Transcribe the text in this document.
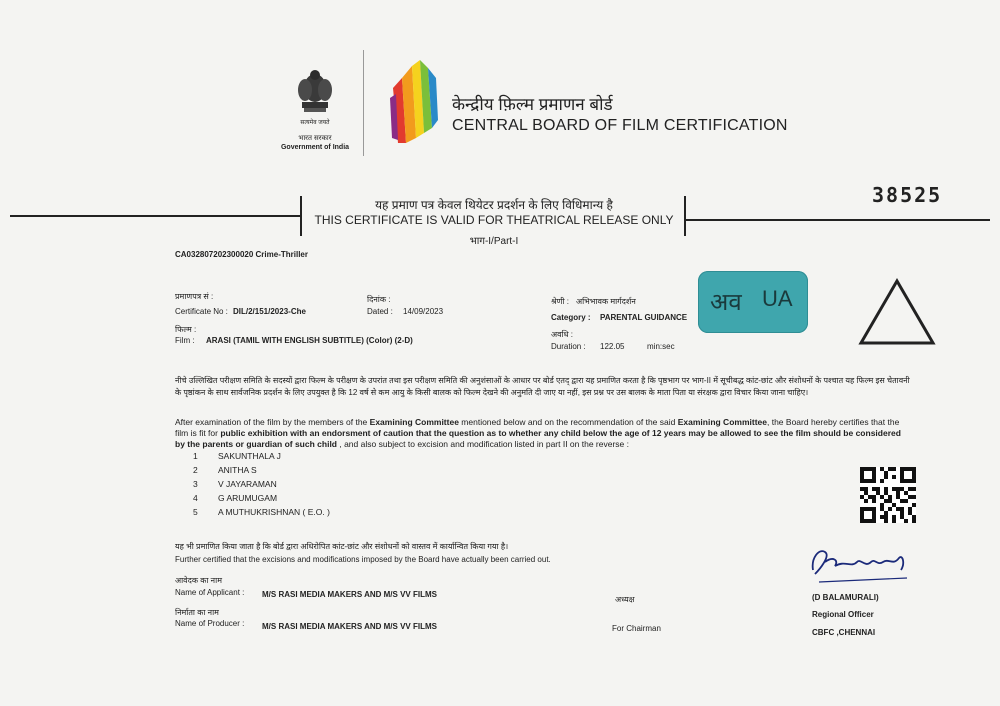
सत्यमेव जयते
भारत सरकार
Government of India
केन्द्रीय फ़िल्म प्रमाणन बोर्ड
CENTRAL BOARD OF FILM CERTIFICATION
38525
यह प्रमाण पत्र केवल थियेटर प्रदर्शन के लिए विधिमान्य है
THIS CERTIFICATE IS VALID FOR THEATRICAL RELEASE ONLY
भाग-I/Part-I
CA032807202300020 Crime-Thriller
प्रमाणपत्र सं :
Certificate No : DIL/2/151/2023-Che
दिनांक :
Dated : 14/09/2023
फिल्म :
Film : ARASI (TAMIL WITH ENGLISH SUBTITLE) (Color) (2-D)
श्रेणी : अभिभावक मार्गदर्शन
Category : PARENTAL GUIDANCE
अवधि :
Duration : 122.05	min:sec
अव UA
नीचे उल्लिखित परीक्षण समिति के सदस्यों द्वारा फिल्म के परीक्षण के उपरांत तथा इस परीक्षण समिति की अनुशंसाओं के आधार पर बोर्ड एतद् द्वारा यह प्रमाणित करता है कि पृष्ठभाग पर भाग-II में सूचीबद्ध कांट-छांट और संशोधनों के पश्चात यह फिल्म इस चेतावनी के पृष्ठांकन के साथ सार्वजनिक प्रदर्शन के लिए उपयुक्त है कि 12 वर्ष से कम आयु के किसी बालक को फिल्म देखने की अनुमति दी जाए या नहीं, इस प्रश्न पर उस बालक के माता पिता या संरक्षक द्वारा विचार किया जाना चाहिए।
After examination of the film by the members of the Examining Committee mentioned below and on the recommendation of the said Examining Committee, the Board hereby certifies that the film is fit for public exhibition with an endorsment of caution that the question as to whether any child below the age of 12 years may be allowed to see the film should be considered by the parents or guardian of such child , and also subject to excision and modification listed in part II on the reverse :
1 SAKUNTHALA J
2 ANITHA S
3 V JAYARAMAN
4 G ARUMUGAM
5 A MUTHUKRISHNAN ( E.O. )
यह भी प्रमाणित किया जाता है कि बोर्ड द्वारा अधिरोपित कांट-छांट और संशोधनों को वास्तव में कार्यान्वित किया गया है।
Further certified that the excisions and modifications imposed by the Board have actually been carried out.
आवेदक का नाम
Name of Applicant : M/S RASI MEDIA MAKERS AND M/S VV FILMS
निर्माता का नाम
Name of Producer : M/S RASI MEDIA MAKERS AND M/S VV FILMS
अध्यक्ष
For Chairman
(D BALAMURALI)
Regional Officer
CBFC ,CHENNAI
